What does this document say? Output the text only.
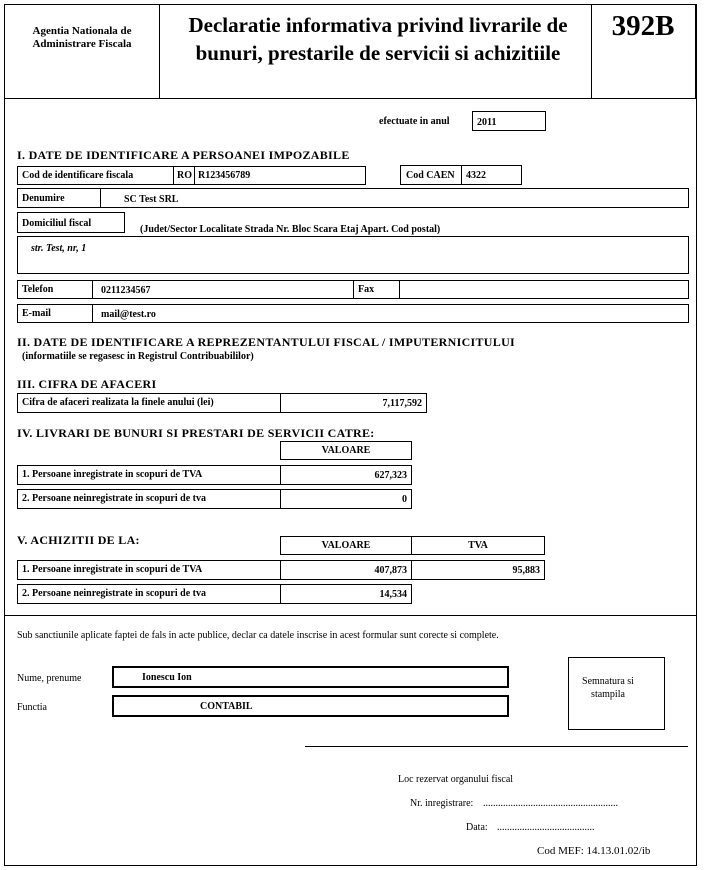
Agentia Nationala de Administrare Fiscala
Declaratie informativa privind livrarile de bunuri, prestarile de servicii si achizitiile
392B
efectuate in anul	2011
I. DATE DE IDENTIFICARE A PERSOANEI IMPOZABILE
Cod de identificare fiscala	RO R123456789	Cod CAEN 4322
Denumire	SC Test SRL
Domiciliul fiscal
(Judet/Sector Localitate Strada Nr. Bloc Scara Etaj Apart. Cod postal)
str. Test, nr, 1
Telefon	0211234567	Fax
E-mail	mail@test.ro
II. DATE DE IDENTIFICARE A REPREZENTANTULUI FISCAL / IMPUTERNICITULUI
(informatiile se regasesc in Registrul Contribuabililor)
III. CIFRA DE AFACERI
Cifra de afaceri realizata la finele anului (lei)	7,117,592
IV. LIVRARI DE BUNURI SI PRESTARI DE SERVICII CATRE:
VALOARE
1. Persoane inregistrate in scopuri de TVA	627,323
2. Persoane neinregistrate in scopuri de tva	0
V. ACHIZITII DE LA:	VALOARE	TVA
1. Persoane inregistrate in scopuri de TVA	407,873	95,883
2. Persoane neinregistrate in scopuri de tva	14,534
Sub sanctiunile aplicate faptei de fals in acte publice, declar ca datele inscrise in acest formular sunt corecte si complete.
Nume, prenume	Ionescu Ion
Functia	CONTABIL
Semnatura si stampila
Loc rezervat organului fiscal
Nr. inregistrare: ......................................................
Data: .......................................
Cod MEF: 14.13.01.02/ib
